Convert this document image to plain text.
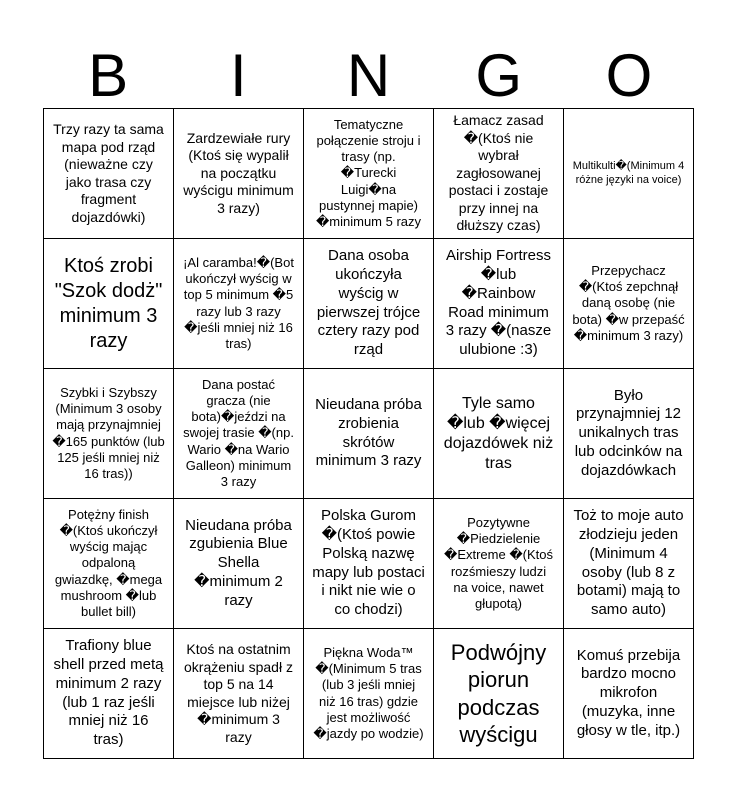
B	I	N	G	O
Trzy razy ta sama mapa pod rząd (nieważne czy jako trasa czy fragment dojazdówki)
Zardzewiałe rury (Ktoś się wypalił na początku wyścigu minimum 3 razy)
Tematyczne połączenie stroju i trasy (np. �Turecki Luigi�na pustynnej mapie) �minimum 5 razy
Łamacz zasad �(Ktoś nie wybrał zagłosowanej postaci i zostaje przy innej na dłuższy czas)
Multikulti�(Minimum 4 różne języki na voice)
Ktoś zrobi "Szok dodż" minimum 3 razy
¡Al caramba!�(Bot ukończył wyścig w top 5 minimum �5 razy lub 3 razy �jeśli mniej niż 16 tras)
Dana osoba ukończyła wyścig w pierwszej trójce cztery razy pod rząd
Airship Fortress �lub �Rainbow Road minimum 3 razy �(nasze ulubione :3)
Przepychacz �(Ktoś zepchnął daną osobę (nie bota) �w przepaść �minimum 3 razy)
Szybki i Szybszy (Minimum 3 osoby mają przynajmniej �165 punktów (lub 125 jeśli mniej niż 16 tras))
Dana postać gracza (nie bota)�jeździ na swojej trasie �(np. Wario �na Wario Galleon) minimum 3 razy
Nieudana próba zrobienia skrótów minimum 3 razy
Tyle samo �lub �więcej dojazdówek niż tras
Było przynajmniej 12 unikalnych tras lub odcinków na dojazdówkach
Potężny finish �(Ktoś ukończył wyścig mając odpaloną gwiazdkę, �mega mushroom �lub bullet bill)
Nieudana próba zgubienia Blue Shella �minimum 2 razy
Polska Gurom �(Ktoś powie Polską nazwę mapy lub postaci i nikt nie wie o co chodzi)
Pozytywne �Piedzielenie �Extreme �(Ktoś rozśmieszy ludzi na voice, nawet głupotą)
Toż to moje auto złodzieju jeden (Minimum 4 osoby (lub 8 z botami) mają to samo auto)
Trafiony blue shell przed metą minimum 2 razy (lub 1 raz jeśli mniej niż 16 tras)
Ktoś na ostatnim okrążeniu spadł z top 5 na 14 miejsce lub niżej �minimum 3 razy
Piękna Woda™ �(Minimum 5 tras (lub 3 jeśli mniej niż 16 tras) gdzie jest możliwość �jazdy po wodzie)
Podwójny piorun podczas wyścigu
Komuś przebija bardzo mocno mikrofon (muzyka, inne głosy w tle, itp.)
